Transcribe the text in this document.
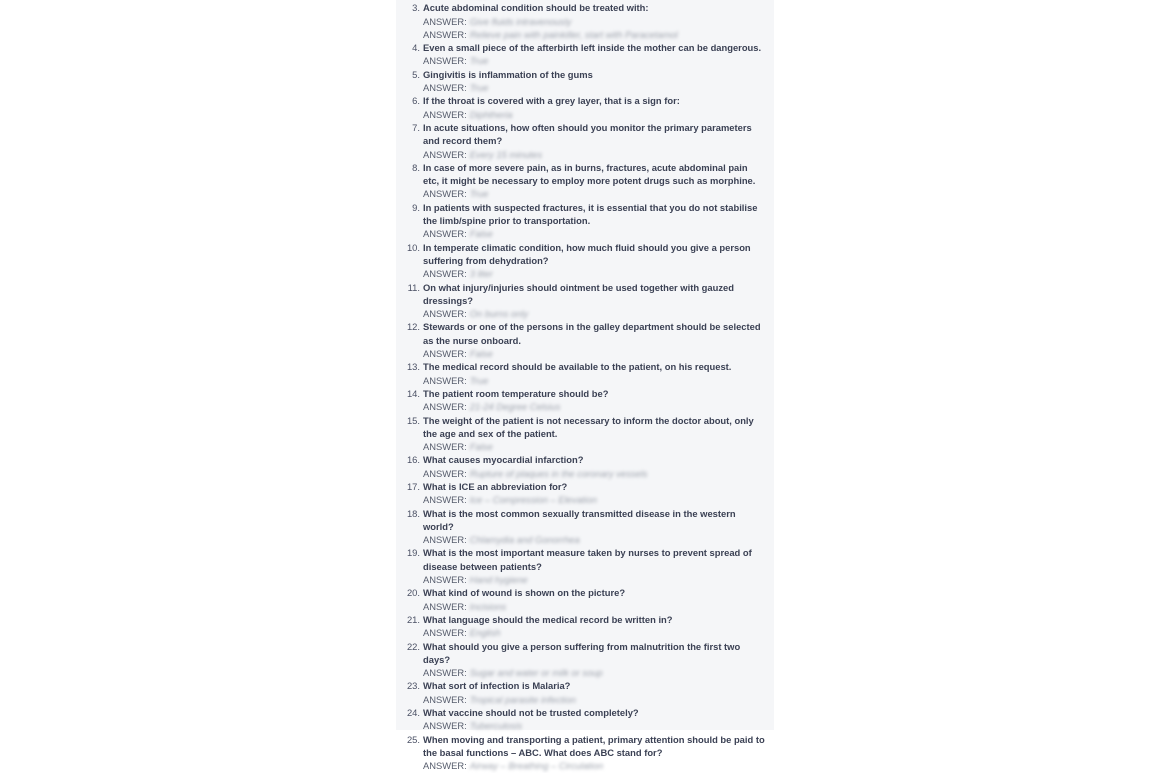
3. Acute abdominal condition should be treated with:
ANSWER: Give fluids intravenously
ANSWER: Relieve pain with painkiller, start with Paracetamol
4. Even a small piece of the afterbirth left inside the mother can be dangerous.
ANSWER: True
5. Gingivitis is inflammation of the gums
ANSWER: True
6. If the throat is covered with a grey layer, that is a sign for:
ANSWER: Diphtheria
7. In acute situations, how often should you monitor the primary parameters and record them?
ANSWER: Every 15 minutes
8. In case of more severe pain, as in burns, fractures, acute abdominal pain etc, it might be necessary to employ more potent drugs such as morphine.
ANSWER: True
9. In patients with suspected fractures, it is essential that you do not stabilise the limb/spine prior to transportation.
ANSWER: False
10. In temperate climatic condition, how much fluid should you give a person suffering from dehydration?
ANSWER: 3 liter
11. On what injury/injuries should ointment be used together with gauzed dressings?
ANSWER: On burns only
12. Stewards or one of the persons in the galley department should be selected as the nurse onboard.
ANSWER: False
13. The medical record should be available to the patient, on his request.
ANSWER: True
14. The patient room temperature should be?
ANSWER: 21-24 Degree Celsius
15. The weight of the patient is not necessary to inform the doctor about, only the age and sex of the patient.
ANSWER: False
16. What causes myocardial infarction?
ANSWER: Rupture of plaques in the coronary vessels
17. What is ICE an abbreviation for?
ANSWER: Ice – Compression – Elevation
18. What is the most common sexually transmitted disease in the western world?
ANSWER: Chlamydia and Gonorrhea
19. What is the most important measure taken by nurses to prevent spread of disease between patients?
ANSWER: Hand hygiene
20. What kind of wound is shown on the picture?
ANSWER: Incisions
21. What language should the medical record be written in?
ANSWER: English
22. What should you give a person suffering from malnutrition the first two days?
ANSWER: Sugar and water or milk or soup
23. What sort of infection is Malaria?
ANSWER: Tropical parasite infection
24. What vaccine should not be trusted completely?
ANSWER: Tuberculosis
25. When moving and transporting a patient, primary attention should be paid to the basal functions – ABC. What does ABC stand for?
ANSWER: Airway – Breathing – Circulation
